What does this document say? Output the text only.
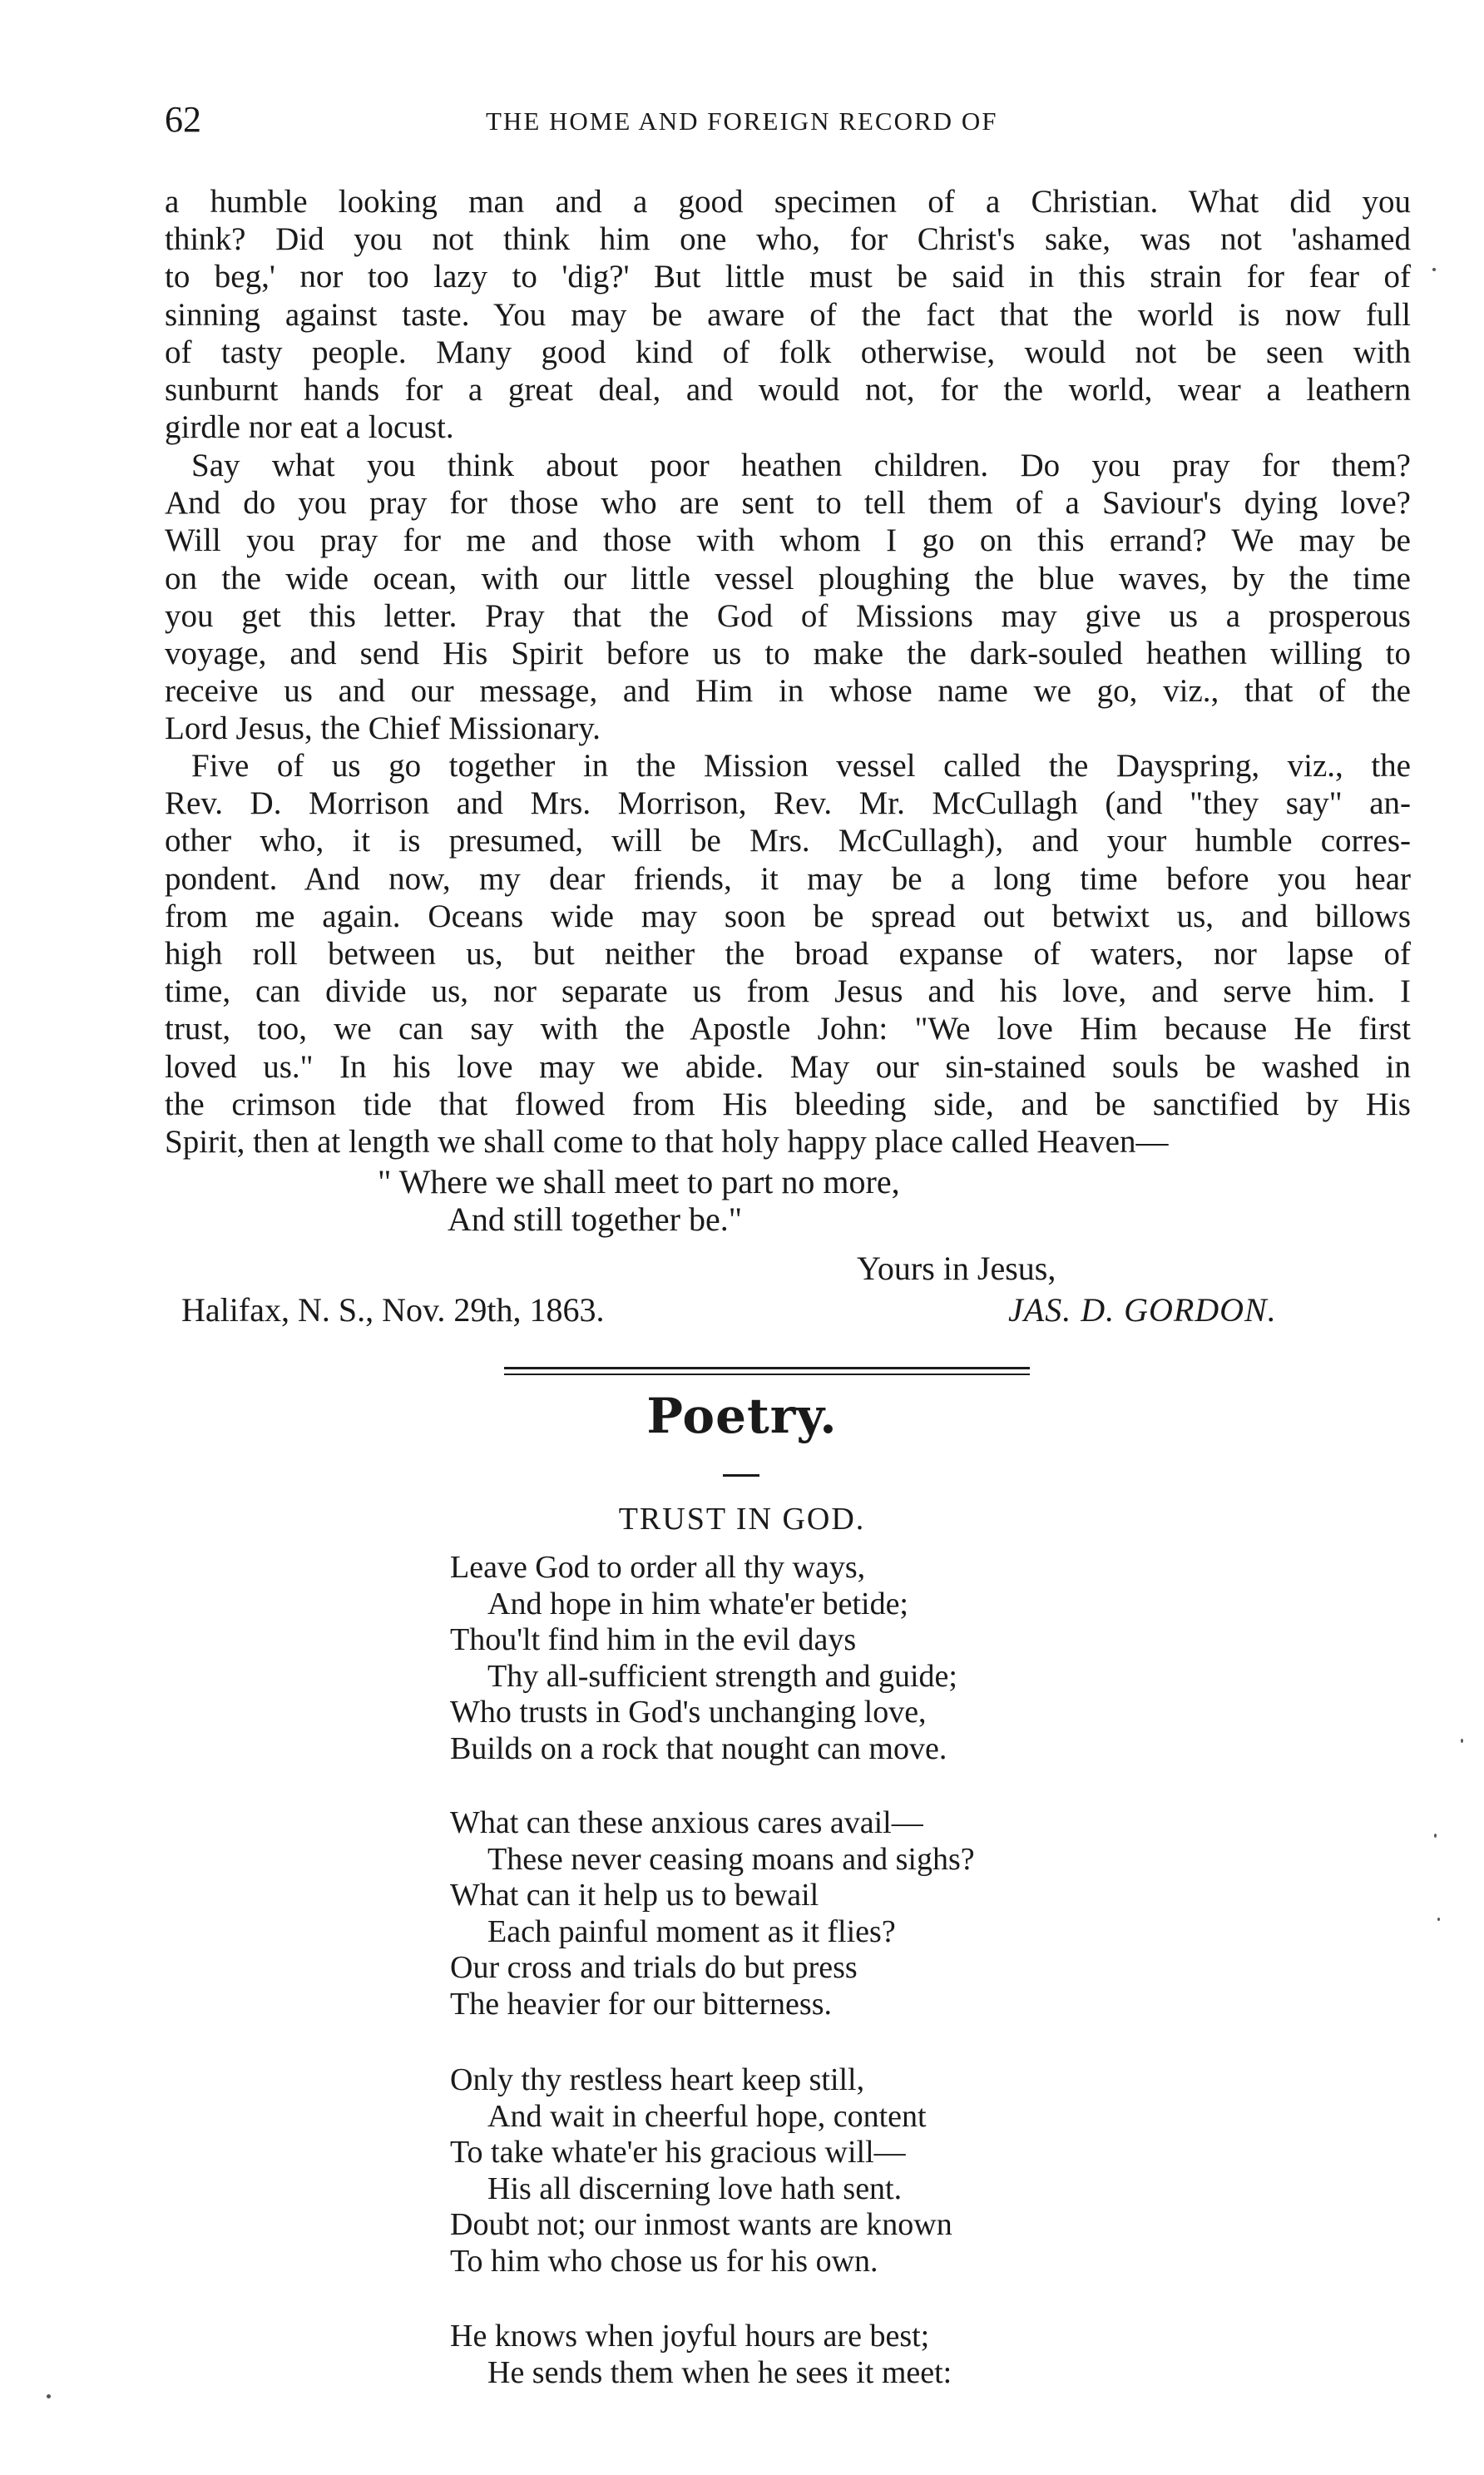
62	THE HOME AND FOREIGN RECORD OF
a humble looking man and a good specimen of a Christian. What did you
think? Did you not think him one who, for Christ's sake, was not 'ashamed
to beg,' nor too lazy to 'dig?' But little must be said in this strain for fear of
sinning against taste. You may be aware of the fact that the world is now full
of tasty people. Many good kind of folk otherwise, would not be seen with
sunburnt hands for a great deal, and would not, for the world, wear a leathern
girdle nor eat a locust.
Say what you think about poor heathen children. Do you pray for them?
And do you pray for those who are sent to tell them of a Saviour's dying love?
Will you pray for me and those with whom I go on this errand? We may be
on the wide ocean, with our little vessel ploughing the blue waves, by the time
you get this letter. Pray that the God of Missions may give us a prosperous
voyage, and send His Spirit before us to make the dark-souled heathen willing to
receive us and our message, and Him in whose name we go, viz., that of the
Lord Jesus, the Chief Missionary.
Five of us go together in the Mission vessel called the Dayspring, viz., the
Rev. D. Morrison and Mrs. Morrison, Rev. Mr. McCullagh (and "they say" an-
other who, it is presumed, will be Mrs. McCullagh), and your humble corres-
pondent. And now, my dear friends, it may be a long time before you hear
from me again. Oceans wide may soon be spread out betwixt us, and billows
high roll between us, but neither the broad expanse of waters, nor lapse of
time, can divide us, nor separate us from Jesus and his love, and serve him. I
trust, too, we can say with the Apostle John: "We love Him because He first
loved us." In his love may we abide. May our sin-stained souls be washed in
the crimson tide that flowed from His bleeding side, and be sanctified by His
Spirit, then at length we shall come to that holy happy place called Heaven—
" Where we shall meet to part no more,
And still together be."
Yours in Jesus,
Halifax, N. S., Nov. 29th, 1863.	JAS. D. GORDON.
Poetry.
TRUST IN GOD.
Leave God to order all thy ways,
And hope in him whate'er betide;
Thou'lt find him in the evil days
Thy all-sufficient strength and guide;
Who trusts in God's unchanging love,
Builds on a rock that nought can move.
What can these anxious cares avail—
These never ceasing moans and sighs?
What can it help us to bewail
Each painful moment as it flies?
Our cross and trials do but press
The heavier for our bitterness.
Only thy restless heart keep still,
And wait in cheerful hope, content
To take whate'er his gracious will—
His all discerning love hath sent.
Doubt not; our inmost wants are known
To him who chose us for his own.
He knows when joyful hours are best;
He sends them when he sees it meet:
